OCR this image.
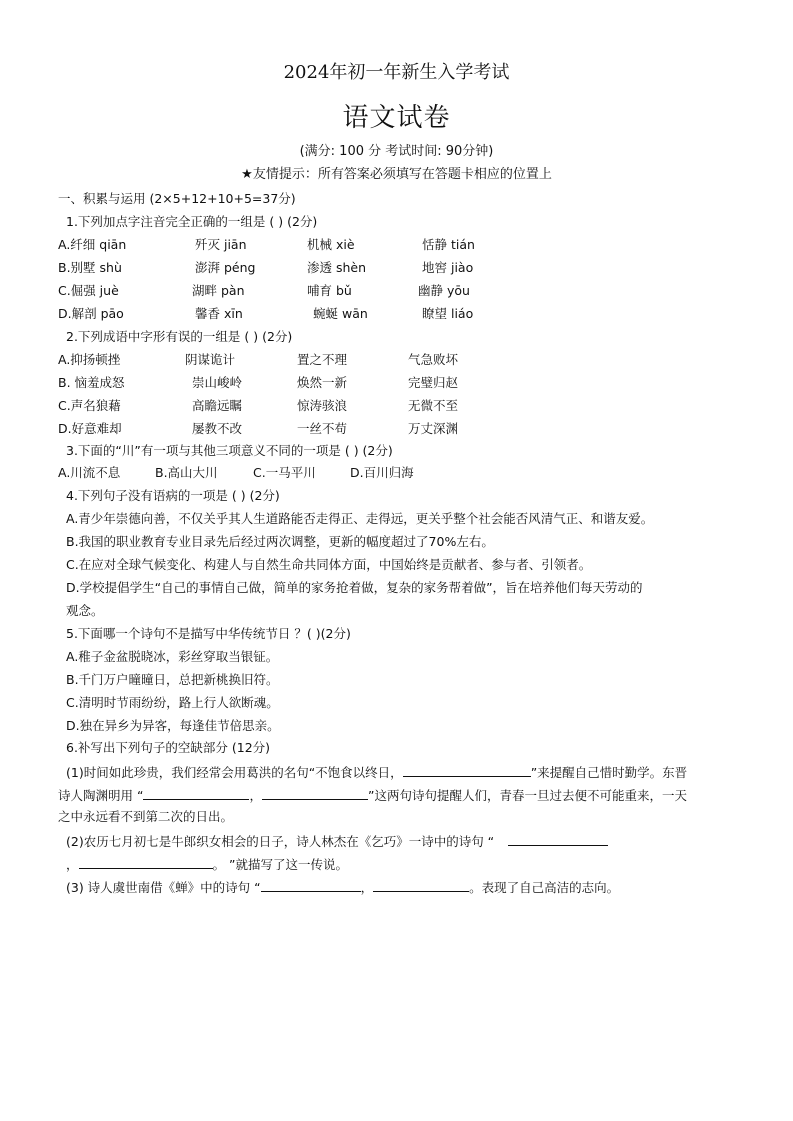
2024年初一年新生入学考试
语文试卷
(满分: 100 分 考试时间: 90分钟)
★友情提示：所有答案必须填写在答题卡相应的位置上
一、积累与运用 (2×5+12+10+5=37分)
1.下列加点字注音完全正确的一组是 ( ) (2分)
A.纤细 qiān	歼灭 jiān	机械 xiè	恬静 tián
B.别墅 shù	澎湃 péng	渗透 shèn	地窖 jiào
C.倔强 juè	湖畔 pàn	哺育 bǔ	幽静 yōu
D.解剖 pāo	馨香 xīn	蜿蜒 wān	瞭望 liáo
2.下列成语中字形有误的一组是 ( ) (2分)
A.抑扬顿挫	阴谋诡计	置之不理	气急败坏
B. 恼羞成怒	崇山峻岭	焕然一新	完璧归赵
C.声名狼藉	高瞻远瞩	惊涛骇浪	无微不至
D.好意难却	屡教不改	一丝不苟	万丈深渊
3.下面的“川”有一项与其他三项意义不同的一项是 ( ) (2分)
A.川流不息	B.高山大川	C.一马平川	D.百川归海
4.下列句子没有语病的一项是 ( ) (2分)
A.青少年崇德向善，不仅关乎其人生道路能否走得正、走得远，更关乎整个社会能否风清气正、和谐友爱。
B.我国的职业教育专业目录先后经过两次调整，更新的幅度超过了70%左右。
C.在应对全球气候变化、构建人与自然生命共同体方面，中国始终是贡献者、参与者、引领者。
D.学校提倡学生“自己的事情自己做，简单的家务抢着做，复杂的家务帮着做”，旨在培养他们每天劳动的
观念。
5.下面哪一个诗句不是描写中华传统节日 ？( )(2分)
A.稚子金盆脱晓冰，彩丝穿取当银钲。
B.千门万户曈曈日，总把新桃换旧符。
C.清明时节雨纷纷，路上行人欲断魂。
D.独在异乡为异客，每逢佳节倍思亲。
6.补写出下列句子的空缺部分 (12分)
(1)时间如此珍贵，我们经常会用葛洪的名句“不饱食以终日，	”来提醒自己惜时勤学。东晋
诗人陶渊明用 “	，	”这两句诗句提醒人们，青春一旦过去便不可能重来，一天
之中永远看不到第二次的日出。
(2)农历七月初七是牛郎织女相会的日子，诗人林杰在《乞巧》一诗中的诗句 “
，	。 ”就描写了这一传说。
(3) 诗人虞世南借《蝉》中的诗句 “	，	。表现了自己高洁的志向。
